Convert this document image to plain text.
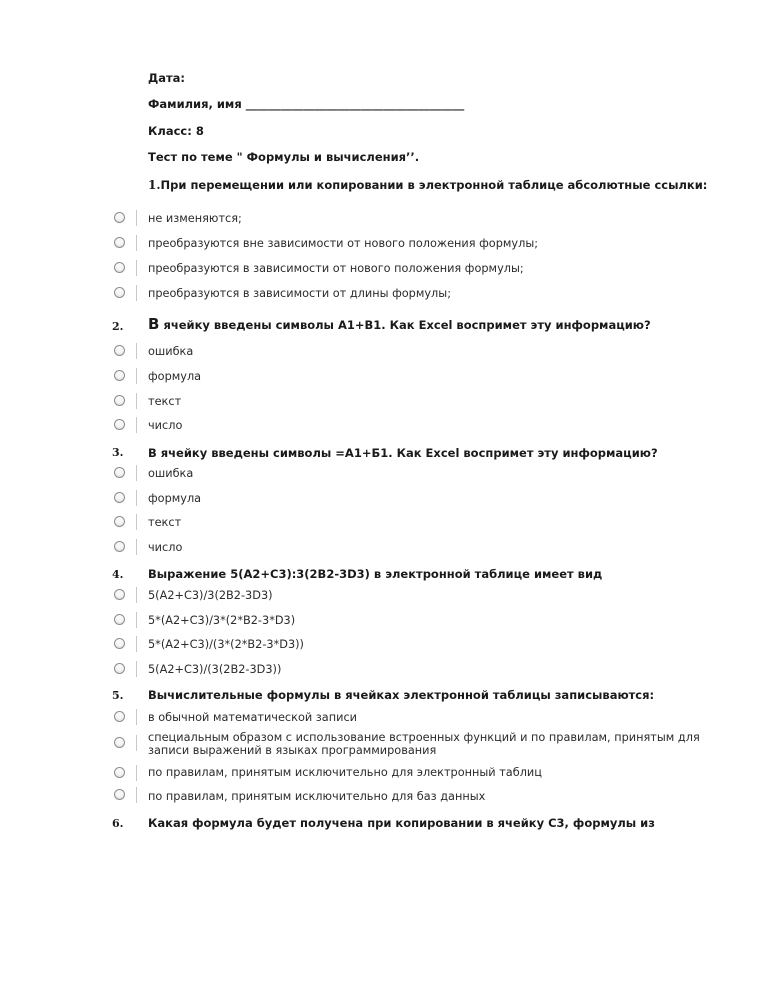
Дата:
Фамилия, имя ______________________________________
Класс: 8
Тест по теме " Формулы и вычисления’’.
1.При перемещении или копировании в электронной таблице абсолютные ссылки:
не изменяются;
преобразуются вне зависимости от нового положения формулы;
преобразуются в зависимости от нового положения формулы;
преобразуются в зависимости от длины формулы;
2. В ячейку введены символы А1+В1. Как Excel воспримет эту информацию?
ошибка
формула
текст
число
3. В ячейку введены символы =А1+Б1. Как Excel воспримет эту информацию?
ошибка
формула
текст
число
4. Выражение 5(A2+C3):3(2B2-3D3) в электронной таблице имеет вид
5(A2+C3)/3(2B2-3D3)
5*(A2+C3)/3*(2*B2-3*D3)
5*(A2+C3)/(3*(2*B2-3*D3))
5(A2+C3)/(3(2B2-3D3))
5. Вычислительные формулы в ячейках электронной таблицы записываются:
в обычной математической записи
специальным образом с использование встроенных функций и по правилам, принятым для записи выражений в языках программирования
по правилам, принятым исключительно для электронный таблиц
по правилам, принятым исключительно для баз данных
6. Какая формула будет получена при копировании в ячейку С3, формулы из
